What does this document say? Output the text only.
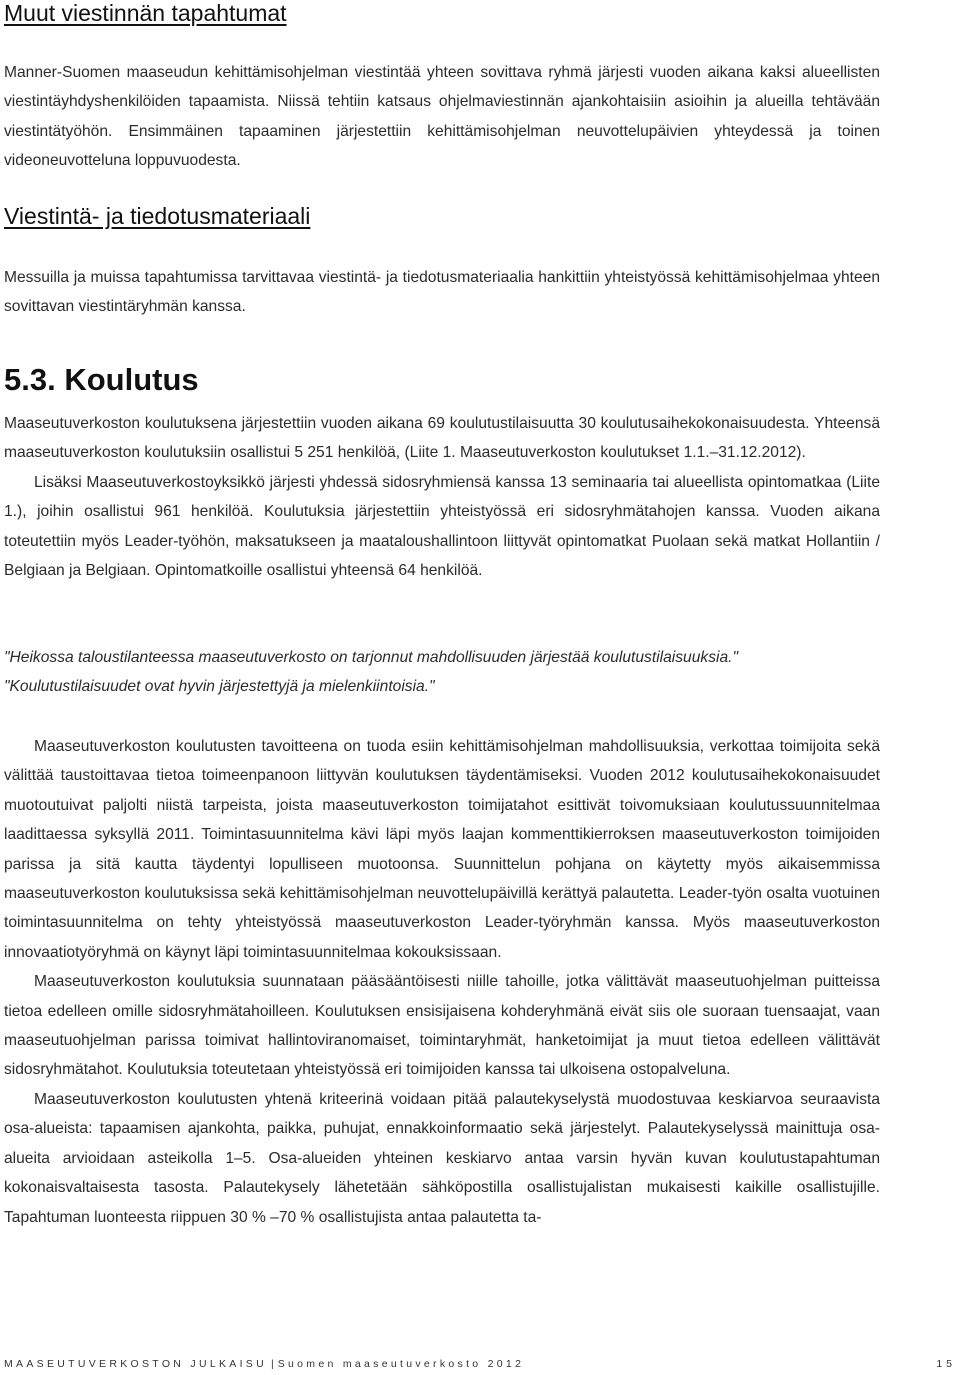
Muut viestinnän tapahtumat

Manner-Suomen maaseudun kehittämisohjelman viestintää yhteen sovittava ryhmä järjesti vuoden aikana kaksi alueellisten viestintäyhdyshenkilöiden tapaamista. Niissä tehtiin katsaus ohjelmaviestinnän ajankohtaisiin asioihin ja alueilla tehtävään viestintätyöhön. Ensimmäinen tapaaminen järjestettiin kehittämisohjelman neuvottelupäivien yhteydessä ja toinen videoneuvotteluna loppuvuodesta.

Viestintä- ja tiedotusmateriaali

Messuilla ja muissa tapahtumissa tarvittavaa viestintä- ja tiedotusmateriaalia hankittiin yhteistyössä kehittämisohjelmaa yhteen sovittavan viestintäryhmän kanssa.

5.3. Koulutus

Maaseutuverkoston koulutuksena järjestettiin vuoden aikana 69 koulutustilaisuutta 30 koulutusaihekokonaisuudesta. Yhteensä maaseutuverkoston koulutuksiin osallistui 5 251 henkilöä, (Liite 1. Maaseutuverkoston koulutukset 1.1.–31.12.2012).

Lisäksi Maaseutuverkostoyksikkö järjesti yhdessä sidosryhmiensä kanssa 13 seminaaria tai alueellista opintomatkaa (Liite 1.), joihin osallistui 961 henkilöä. Koulutuksia järjestettiin yhteistyössä eri sidosryhmätahojen kanssa. Vuoden aikana toteutettiin myös Leader-työhön, maksatukseen ja maataloushallintoon liittyvät opintomatkat Puolaan sekä matkat Hollantiin / Belgiaan ja Belgiaan. Opintomatkoille osallistui yhteensä 64 henkilöä.

"Heikossa taloustilanteessa maaseutuverkosto on tarjonnut mahdollisuuden järjestää koulutustilaisuuksia."

"Koulutustilaisuudet ovat hyvin järjestettyjä ja mielenkiintoisia."

Maaseutuverkoston koulutusten tavoitteena on tuoda esiin kehittämisohjelman mahdollisuuksia, verkottaa toimijoita sekä välittää taustoittavaa tietoa toimeenpanoon liittyvän koulutuksen täydentämiseksi. Vuoden 2012 koulutusaihekokonaisuudet muotoutuivat paljolti niistä tarpeista, joista maaseutuverkoston toimijatahot esittivät toivomuksiaan koulutussuunnitelmaa laadittaessa syksyllä 2011. Toimintasuunnitelma kävi läpi myös laajan kommenttikierroksen maaseutuverkoston toimijoiden parissa ja sitä kautta täydentyi lopulliseen muotoonsa. Suunnittelun pohjana on käytetty myös aikaisemmissa maaseutuverkoston koulutuksissa sekä kehittämisohjelman neuvottelupäivillä kerättyä palautetta. Leader-työn osalta vuotuinen toimintasuunnitelma on tehty yhteistyössä maaseutuverkoston Leader-työryhmän kanssa. Myös maaseutuverkoston innovaatiotyöryhmä on käynyt läpi toimintasuunnitelmaa kokouksissaan.

Maaseutuverkoston koulutuksia suunnataan pääsääntöisesti niille tahoille, jotka välittävät maaseutuohjelman puitteissa tietoa edelleen omille sidosryhmätahoilleen. Koulutuksen ensisijaisena kohderyhmänä eivät siis ole suoraan tuensaajat, vaan maaseutuohjelman parissa toimivat hallintoviranomaiset, toimintaryhmät, hanketoimijat ja muut tietoa edelleen välittävät sidosryhmätahot. Koulutuksia toteutetaan yhteistyössä eri toimijoiden kanssa tai ulkoisena ostopalveluna.

Maaseutuverkoston koulutusten yhtenä kriteerinä voidaan pitää palautekyselystä muodostuvaa keskiarvoa seuraavista osa-alueista: tapaamisen ajankohta, paikka, puhujat, ennakkoinformaatio sekä järjestelyt. Palautekyselyssä mainittuja osa-alueita arvioidaan asteikolla 1–5. Osa-alueiden yhteinen keskiarvo antaa varsin hyvän kuvan koulutustapahtuman kokonaisvaltaisesta tasosta. Palautekysely lähetetään sähköpostilla osallistujalistan mukaisesti kaikille osallistujille. Tapahtuman luonteesta riippuen 30 % –70 % osallistujista antaa palautetta ta-

MAASEUTUVERKOSTON JULKAISU | Suomen maaseutuverkosto 2012	15
